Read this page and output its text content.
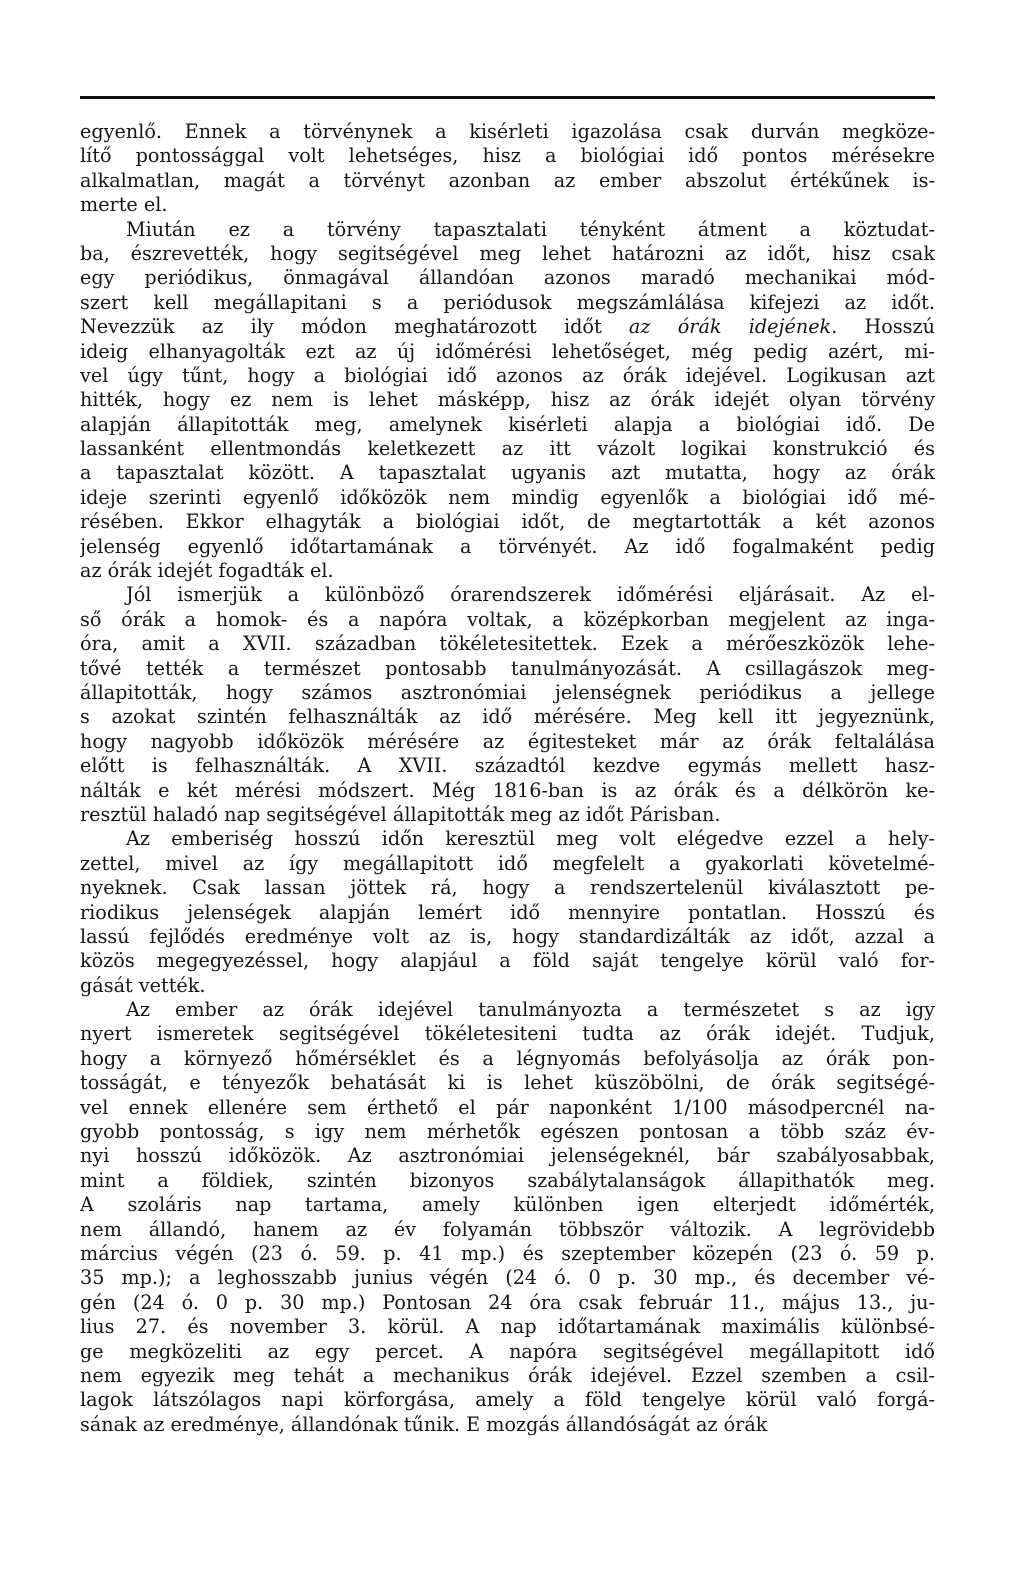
egyenlő. Ennek a törvénynek a kisérleti igazolása csak durván megköze-
lítő pontossággal volt lehetséges, hisz a biológiai idő pontos mérésekre
alkalmatlan, magát a törvényt azonban az ember abszolut értékűnek is-
merte el.
Miután ez a törvény tapasztalati tényként átment a köztudat-
ba, észrevették, hogy segitségével meg lehet határozni az időt, hisz csak
egy periódikus, önmagával állandóan azonos maradó mechanikai mód-
szert kell megállapitani s a periódusok megszámlálása kifejezi az időt.
Nevezzük az ily módon meghatározott időt az órák idejének. Hosszú
ideig elhanyagolták ezt az új időmérési lehetőséget, még pedig azért, mi-
vel úgy tűnt, hogy a biológiai idő azonos az órák idejével. Logikusan azt
hitték, hogy ez nem is lehet másképp, hisz az órák idejét olyan törvény
alapján állapitották meg, amelynek kisérleti alapja a biológiai idő. De
lassanként ellentmondás keletkezett az itt vázolt logikai konstrukció és
a tapasztalat között. A tapasztalat ugyanis azt mutatta, hogy az órák
ideje szerinti egyenlő időközök nem mindig egyenlők a biológiai idő mé-
résében. Ekkor elhagyták a biológiai időt, de megtartották a két azonos
jelenség egyenlő időtartamának a törvényét. Az idő fogalmaként pedig
az órák idejét fogadták el.
Jól ismerjük a különböző órarendszerek időmérési eljárásait. Az el-
ső órák a homok- és a napóra voltak, a középkorban megjelent az inga-
óra, amit a XVII. században tökéletesitettek. Ezek a mérőeszközök lehe-
tővé tették a természet pontosabb tanulmányozását. A csillagászok meg-
állapitották, hogy számos asztronómiai jelenségnek periódikus a jellege
s azokat szintén felhasználták az idő mérésére. Meg kell itt jegyeznünk,
hogy nagyobb időközök mérésére az égitesteket már az órák feltalálása
előtt is felhasználták. A XVII. századtól kezdve egymás mellett hasz-
nálták e két mérési módszert. Még 1816-ban is az órák és a délkörön ke-
resztül haladó nap segitségével állapitották meg az időt Párisban.
Az emberiség hosszú időn keresztül meg volt elégedve ezzel a hely-
zettel, mivel az így megállapitott idő megfelelt a gyakorlati követelmé-
nyeknek. Csak lassan jöttek rá, hogy a rendszertelenül kiválasztott pe-
riodikus jelenségek alapján lemért idő mennyire pontatlan. Hosszú és
lassú fejlődés eredménye volt az is, hogy standardizálták az időt, azzal a
közös megegyezéssel, hogy alapjául a föld saját tengelye körül való for-
gását vették.
Az ember az órák idejével tanulmányozta a természetet s az igy
nyert ismeretek segitségével tökéletesiteni tudta az órák idejét. Tudjuk,
hogy a környező hőmérséklet és a légnyomás befolyásolja az órák pon-
tosságát, e tényezők behatását ki is lehet küszöbölni, de órák segitségé-
vel ennek ellenére sem érthető el pár naponként 1/100 másodpercnél na-
gyobb pontosság, s igy nem mérhetők egészen pontosan a több száz év-
nyi hosszú időközök. Az asztronómiai jelenségeknél, bár szabályosabbak,
mint a földiek, szintén bizonyos szabálytalanságok állapithatók meg.
A szoláris nap tartama, amely különben igen elterjedt időmérték,
nem állandó, hanem az év folyamán többször változik. A legrövidebb
március végén (23 ó. 59. p. 41 mp.) és szeptember közepén (23 ó. 59 p.
35 mp.); a leghosszabb junius végén (24 ó. 0 p. 30 mp., és december vé-
gén (24 ó. 0 p. 30 mp.) Pontosan 24 óra csak február 11., május 13., ju-
lius 27. és november 3. körül. A nap időtartamának maximális különbsé-
ge megközeliti az egy percet. A napóra segitségével megállapitott idő
nem egyezik meg tehát a mechanikus órák idejével. Ezzel szemben a csil-
lagok látszólagos napi körforgása, amely a föld tengelye körül való forgá-
sának az eredménye, állandónak tűnik. E mozgás állandóságát az órák
